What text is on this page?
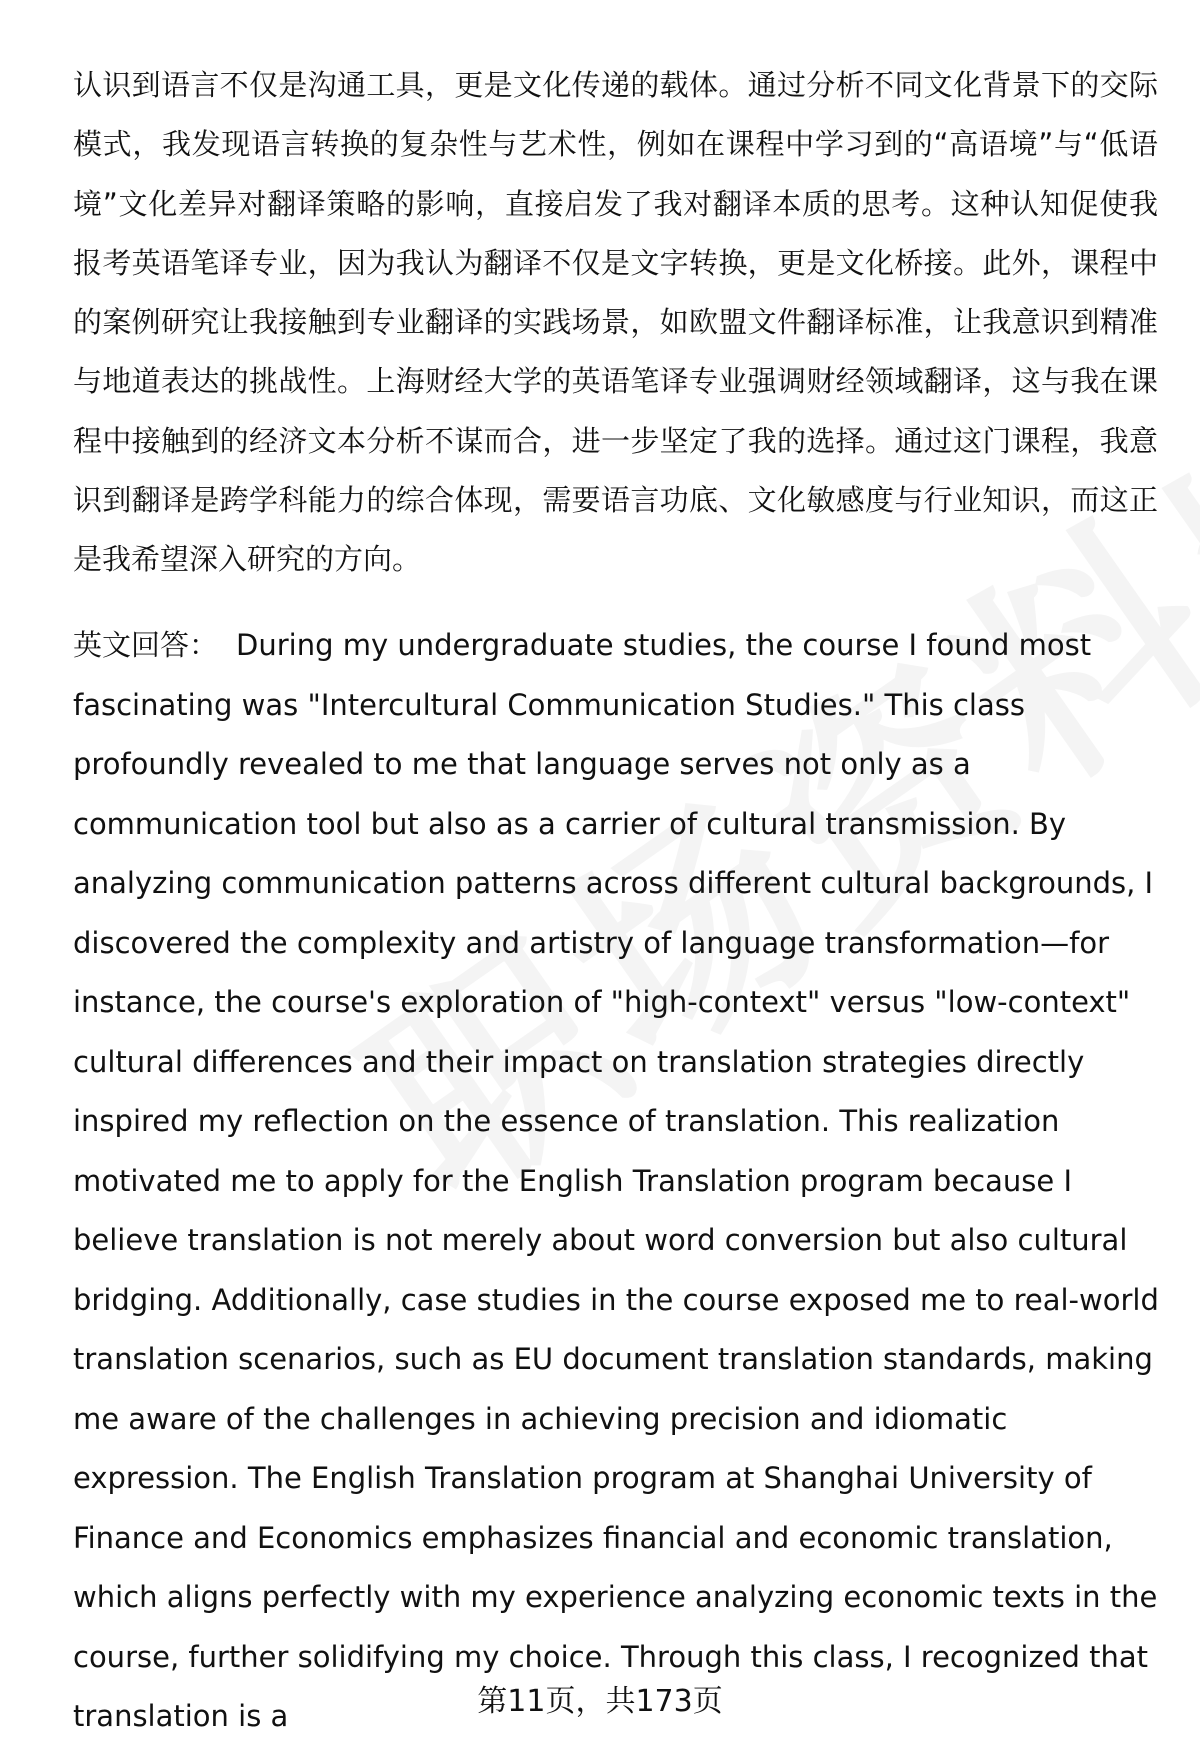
认识到语言不仅是沟通工具，更是文化传递的载体。通过分析不同文化背景下的交际模式，我发现语言转换的复杂性与艺术性，例如在课程中学习到的“高语境”与“低语境”文化差异对翻译策略的影响，直接启发了我对翻译本质的思考。这种认知促使我报考英语笔译专业，因为我认为翻译不仅是文字转换，更是文化桥接。此外，课程中的案例研究让我接触到专业翻译的实践场景，如欧盟文件翻译标准，让我意识到精准与地道表达的挑战性。上海财经大学的英语笔译专业强调财经领域翻译，这与我在课程中接触到的经济文本分析不谋而合，进一步坚定了我的选择。通过这门课程，我意识到翻译是跨学科能力的综合体现，需要语言功底、文化敏感度与行业知识，而这正是我希望深入研究的方向。

英文回答： During my undergraduate studies, the course I found most fascinating was "Intercultural Communication Studies." This class profoundly revealed to me that language serves not only as a communication tool but also as a carrier of cultural transmission. By analyzing communication patterns across different cultural backgrounds, I discovered the complexity and artistry of language transformation—for instance, the course's exploration of "high-context" versus "low-context" cultural differences and their impact on translation strategies directly inspired my reflection on the essence of translation. This realization motivated me to apply for the English Translation program because I believe translation is not merely about word conversion but also cultural bridging. Additionally, case studies in the course exposed me to real-world translation scenarios, such as EU document translation standards, making me aware of the challenges in achieving precision and idiomatic expression. The English Translation program at Shanghai University of Finance and Economics emphasizes financial and economic translation, which aligns perfectly with my experience analyzing economic texts in the course, further solidifying my choice. Through this class, I recognized that translation is a	第11页，共173页
